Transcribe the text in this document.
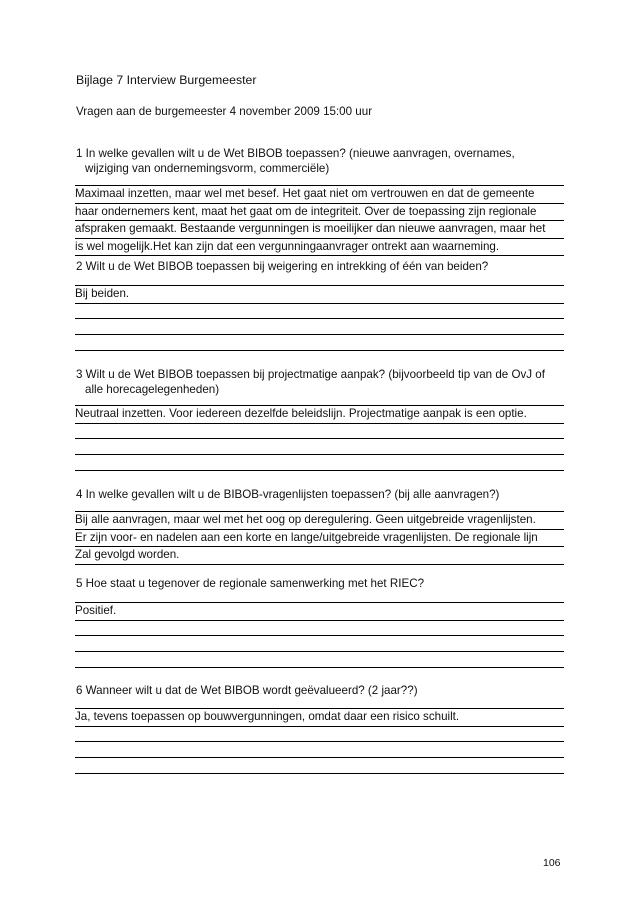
Bijlage 7 Interview Burgemeester
Vragen aan de burgemeester 4 november 2009 15:00 uur
1 In welke gevallen wilt u de Wet BIBOB toepassen? (nieuwe aanvragen, overnames,
wijziging van ondernemingsvorm, commerciële)
Maximaal inzetten, maar wel met besef. Het gaat niet om vertrouwen en dat de gemeente
haar ondernemers kent, maat het gaat om de integriteit. Over de toepassing zijn regionale
afspraken gemaakt. Bestaande vergunningen is moeilijker dan nieuwe aanvragen, maar het
is wel mogelijk.Het kan zijn dat een vergunningaanvrager ontrekt aan waarneming.
2 Wilt u de Wet BIBOB toepassen bij weigering en intrekking of één van beiden?
Bij beiden.
3 Wilt u de Wet BIBOB toepassen bij projectmatige aanpak? (bijvoorbeeld tip van de OvJ of
alle horecagelegenheden)
Neutraal inzetten. Voor iedereen dezelfde beleidslijn. Projectmatige aanpak is een optie.
4 In welke gevallen wilt u de BIBOB-vragenlijsten toepassen? (bij alle aanvragen?)
Bij alle aanvragen, maar wel met het oog op deregulering. Geen uitgebreide vragenlijsten.
Er zijn voor- en nadelen aan een korte en lange/uitgebreide vragenlijsten. De regionale lijn
Zal gevolgd worden.
5 Hoe staat u tegenover de regionale samenwerking met het RIEC?
Positief.
6 Wanneer wilt u dat de Wet BIBOB wordt geëvalueerd? (2 jaar??)
Ja, tevens toepassen op bouwvergunningen, omdat daar een risico schuilt.
106
